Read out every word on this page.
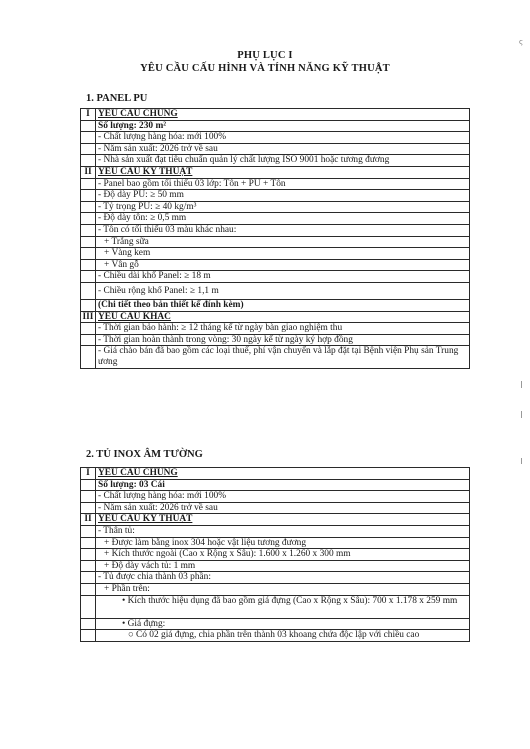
ς
PHỤ LỤC I
YÊU CẦU CẤU HÌNH VÀ TÍNH NĂNG KỸ THUẬT
1. PANEL PU
I	YÊU CẦU CHUNG
	Số lượng: 230 m²
	- Chất lượng hàng hóa: mới 100%
	- Năm sản xuất: 2026 trở về sau
	- Nhà sản xuất đạt tiêu chuẩn quản lý chất lượng ISO 9001 hoặc tương đương
II	YÊU CẦU KỸ THUẬT
	- Panel bao gồm tối thiểu 03 lớp: Tôn + PU + Tôn
	- Độ dày PU: ≥ 50 mm
	- Tỷ trọng PU: ≥ 40 kg/m³
	- Độ dày tôn: ≥ 0,5 mm
	- Tôn có tối thiểu 03 màu khác nhau:
	+ Trắng sữa
	+ Vàng kem
	+ Vân gỗ
	- Chiều dài khổ Panel: ≥ 18 m
	- Chiều rộng khổ Panel: ≥ 1,1 m
	(Chi tiết theo bản thiết kế đính kèm)
III	YÊU CẦU KHÁC
	- Thời gian bảo hành: ≥ 12 tháng kể từ ngày bàn giao nghiệm thu
	- Thời gian hoàn thành trong vòng: 30 ngày kể từ ngày ký hợp đồng
	- Giá chào bán đã bao gồm các loại thuế, phí vận chuyển và lắp đặt tại Bệnh viện Phụ sản Trung ương
2. TỦ INOX ÂM TƯỜNG
I	YÊU CẦU CHUNG
	Số lượng: 03 Cái
	- Chất lượng hàng hóa: mới 100%
	- Năm sản xuất: 2026 trở về sau
II	YÊU CẦU KỸ THUẬT
	- Thân tủ:
	+ Được làm bằng inox 304 hoặc vật liệu tương đương
	+ Kích thước ngoài (Cao x Rộng x Sâu): 1.600 x 1.260 x 300 mm
	+ Độ dày vách tủ: 1 mm
	- Tủ được chia thành 03 phần:
	+ Phần trên:
	• Kích thước hiệu dụng đã bao gồm giá đựng (Cao x Rộng x Sâu): 700 x 1.178 x 259 mm
	• Giá đựng:
	○ Có 02 giá đựng, chia phần trên thành 03 khoang chứa độc lập với chiều cao
